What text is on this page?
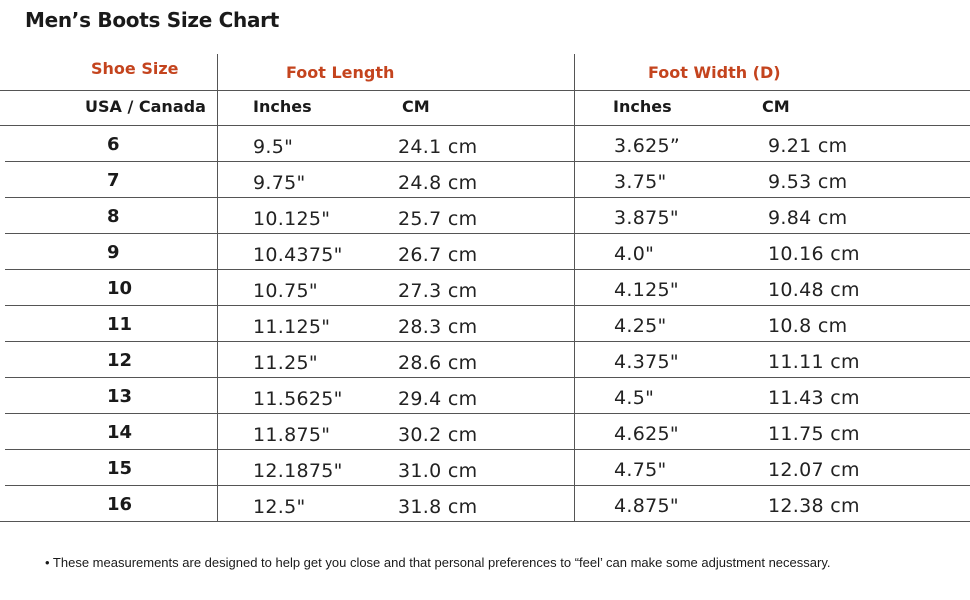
Men’s Boots Size Chart
Shoe Size	Foot Length	Foot Width (D)
USA / Canada	Inches	CM	Inches	CM
6	9.5"	24.1 cm	3.625”	9.21 cm
7	9.75"	24.8 cm	3.75"	9.53 cm
8	10.125"	25.7 cm	3.875"	9.84 cm
9	10.4375"	26.7 cm	4.0"	10.16 cm
10	10.75"	27.3 cm	4.125"	10.48 cm
11	11.125"	28.3 cm	4.25"	10.8 cm
12	11.25"	28.6 cm	4.375"	11.11 cm
13	11.5625"	29.4 cm	4.5"	11.43 cm
14	11.875"	30.2 cm	4.625"	11.75 cm
15	12.1875"	31.0 cm	4.75"	12.07 cm
16	12.5"	31.8 cm	4.875"	12.38 cm
• These measurements are designed to help get you close and that personal preferences to “feel’ can make some adjustment necessary.
